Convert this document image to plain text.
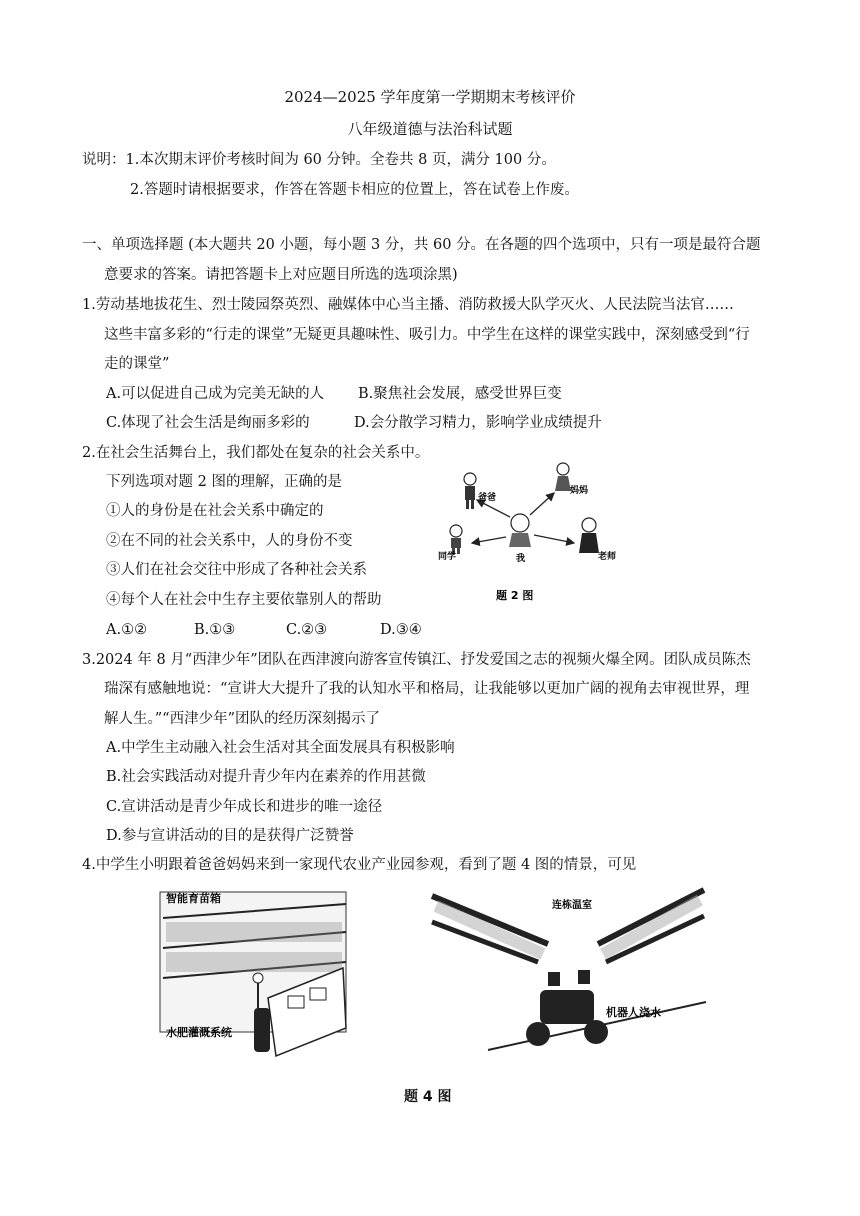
2024—2025 学年度第一学期期末考核评价
八年级道德与法治科试题
说明：1.本次期末评价考核时间为 60 分钟。全卷共 8 页，满分 100 分。
2.答题时请根据要求，作答在答题卡相应的位置上，答在试卷上作废。
一、单项选择题 (本大题共 20 小题，每小题 3 分，共 60 分。在各题的四个选项中，只有一项是最符合题
意要求的答案。请把答题卡上对应题目所选的选项涂黑)
1.劳动基地拔花生、烈士陵园祭英烈、融媒体中心当主播、消防救援大队学灭火、人民法院当法官……
这些丰富多彩的“行走的课堂”无疑更具趣味性、吸引力。中学生在这样的课堂实践中，深刻感受到“行
走的课堂”
A.可以促进自己成为完美无缺的人 B.聚焦社会发展，感受世界巨变
C.体现了社会生活是绚丽多彩的	D.会分散学习精力，影响学业成绩提升
2.在社会生活舞台上，我们都处在复杂的社会关系中。
下列选项对题 2 图的理解，正确的是
①人的身份是在社会关系中确定的
②在不同的社会关系中，人的身份不变
③人们在社会交往中形成了各种社会关系
④每个人在社会中生存主要依靠别人的帮助
A.①②	B.①③	C.②③	D.③④
爸爸
妈妈
同学	我	老师
题 2 图
3.2024 年 8 月“西津少年”团队在西津渡向游客宣传镇江、抒发爱国之志的视频火爆全网。团队成员陈杰
瑞深有感触地说：“宣讲大大提升了我的认知水平和格局，让我能够以更加广阔的视角去审视世界，理
解人生。”“西津少年”团队的经历深刻揭示了
A.中学生主动融入社会生活对其全面发展具有积极影响
B.社会实践活动对提升青少年内在素养的作用甚微
C.宣讲活动是青少年成长和进步的唯一途径
D.参与宣讲活动的目的是获得广泛赞誉
4.中学生小明跟着爸爸妈妈来到一家现代农业产业园参观，看到了题 4 图的情景，可见
智能育苗箱
水肥灌溉系统
连栋温室
机器人浇水
题 4 图
